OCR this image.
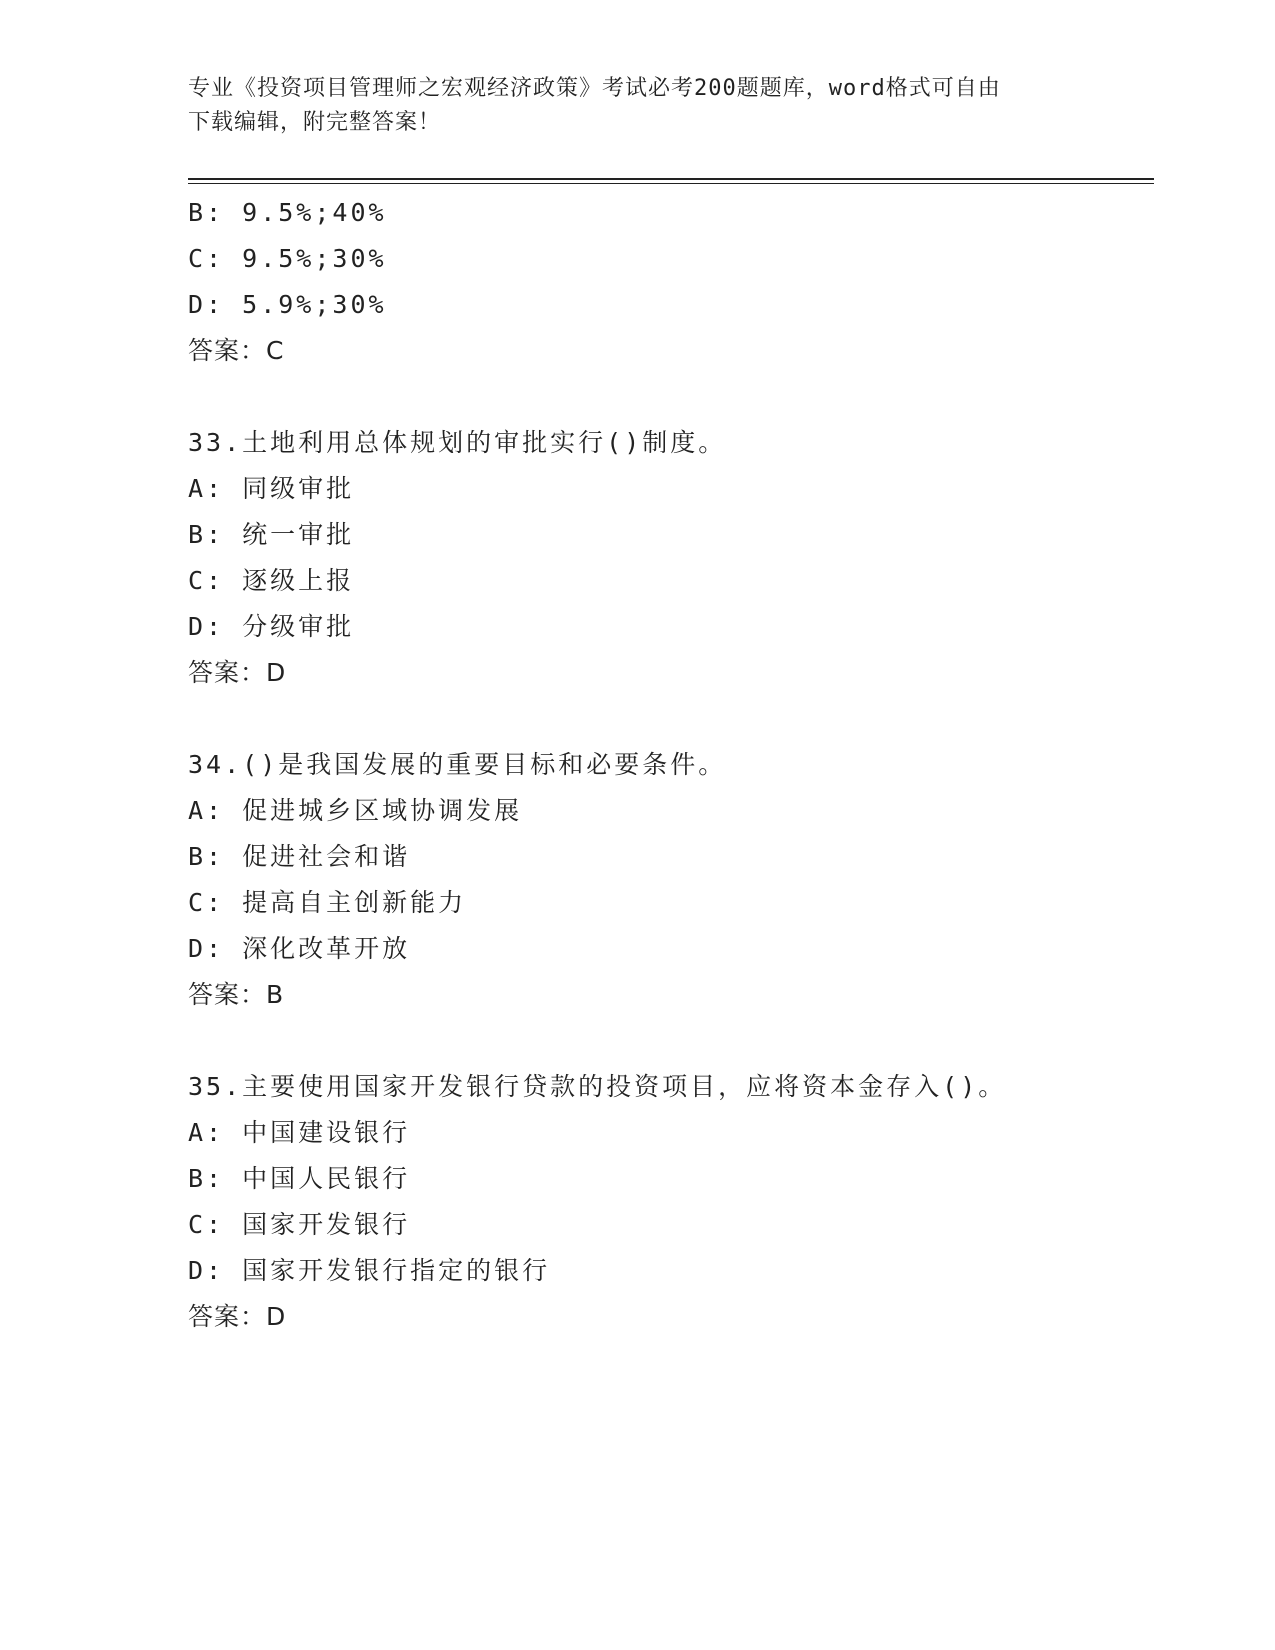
专业《投资项目管理师之宏观经济政策》考试必考200题题库，word格式可自由
下载编辑，附完整答案！
B: 9.5%;40%
C: 9.5%;30%
D: 5.9%;30%
答案：C
33.土地利用总体规划的审批实行()制度。
A: 同级审批
B: 统一审批
C: 逐级上报
D: 分级审批
答案：D
34.()是我国发展的重要目标和必要条件。
A: 促进城乡区域协调发展
B: 促进社会和谐
C: 提高自主创新能力
D: 深化改革开放
答案：B
35.主要使用国家开发银行贷款的投资项目，应将资本金存入()。
A: 中国建设银行
B: 中国人民银行
C: 国家开发银行
D: 国家开发银行指定的银行
答案：D
